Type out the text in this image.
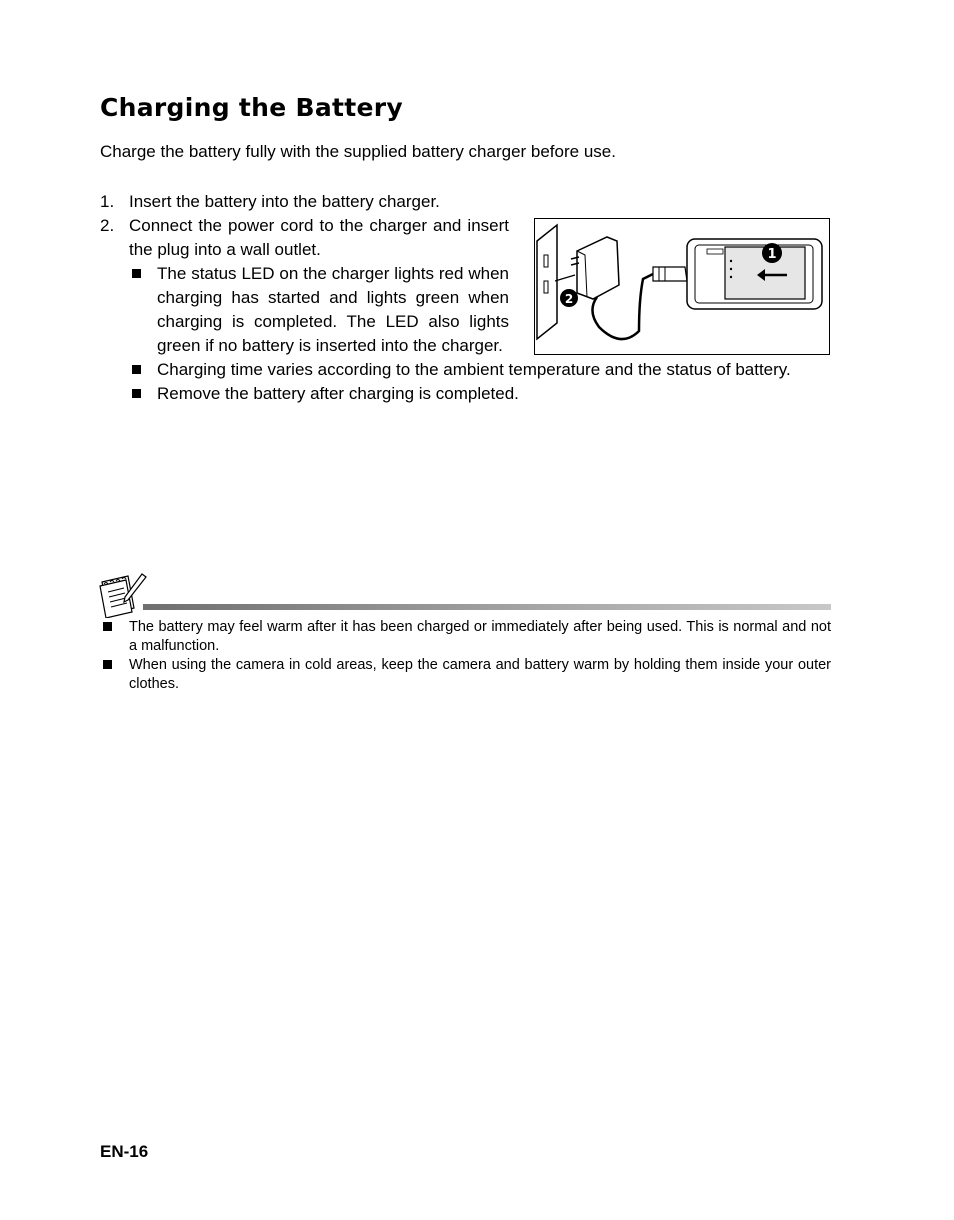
Charging the Battery

Charge the battery fully with the supplied battery charger before use.

1. Insert the battery into the battery charger.
2. Connect the power cord to the charger and insert the plug into a wall outlet.
The status LED on the charger lights red when charging has started and lights green when charging is completed. The LED also lights green if no battery is inserted into the charger.
Charging time varies according to the ambient temperature and the status of battery.
Remove the battery after charging is completed.
1
2
The battery may feel warm after it has been charged or immediately after being used. This is normal and not a malfunction.
When using the camera in cold areas, keep the camera and battery warm by holding them inside your outer clothes.
EN-16
